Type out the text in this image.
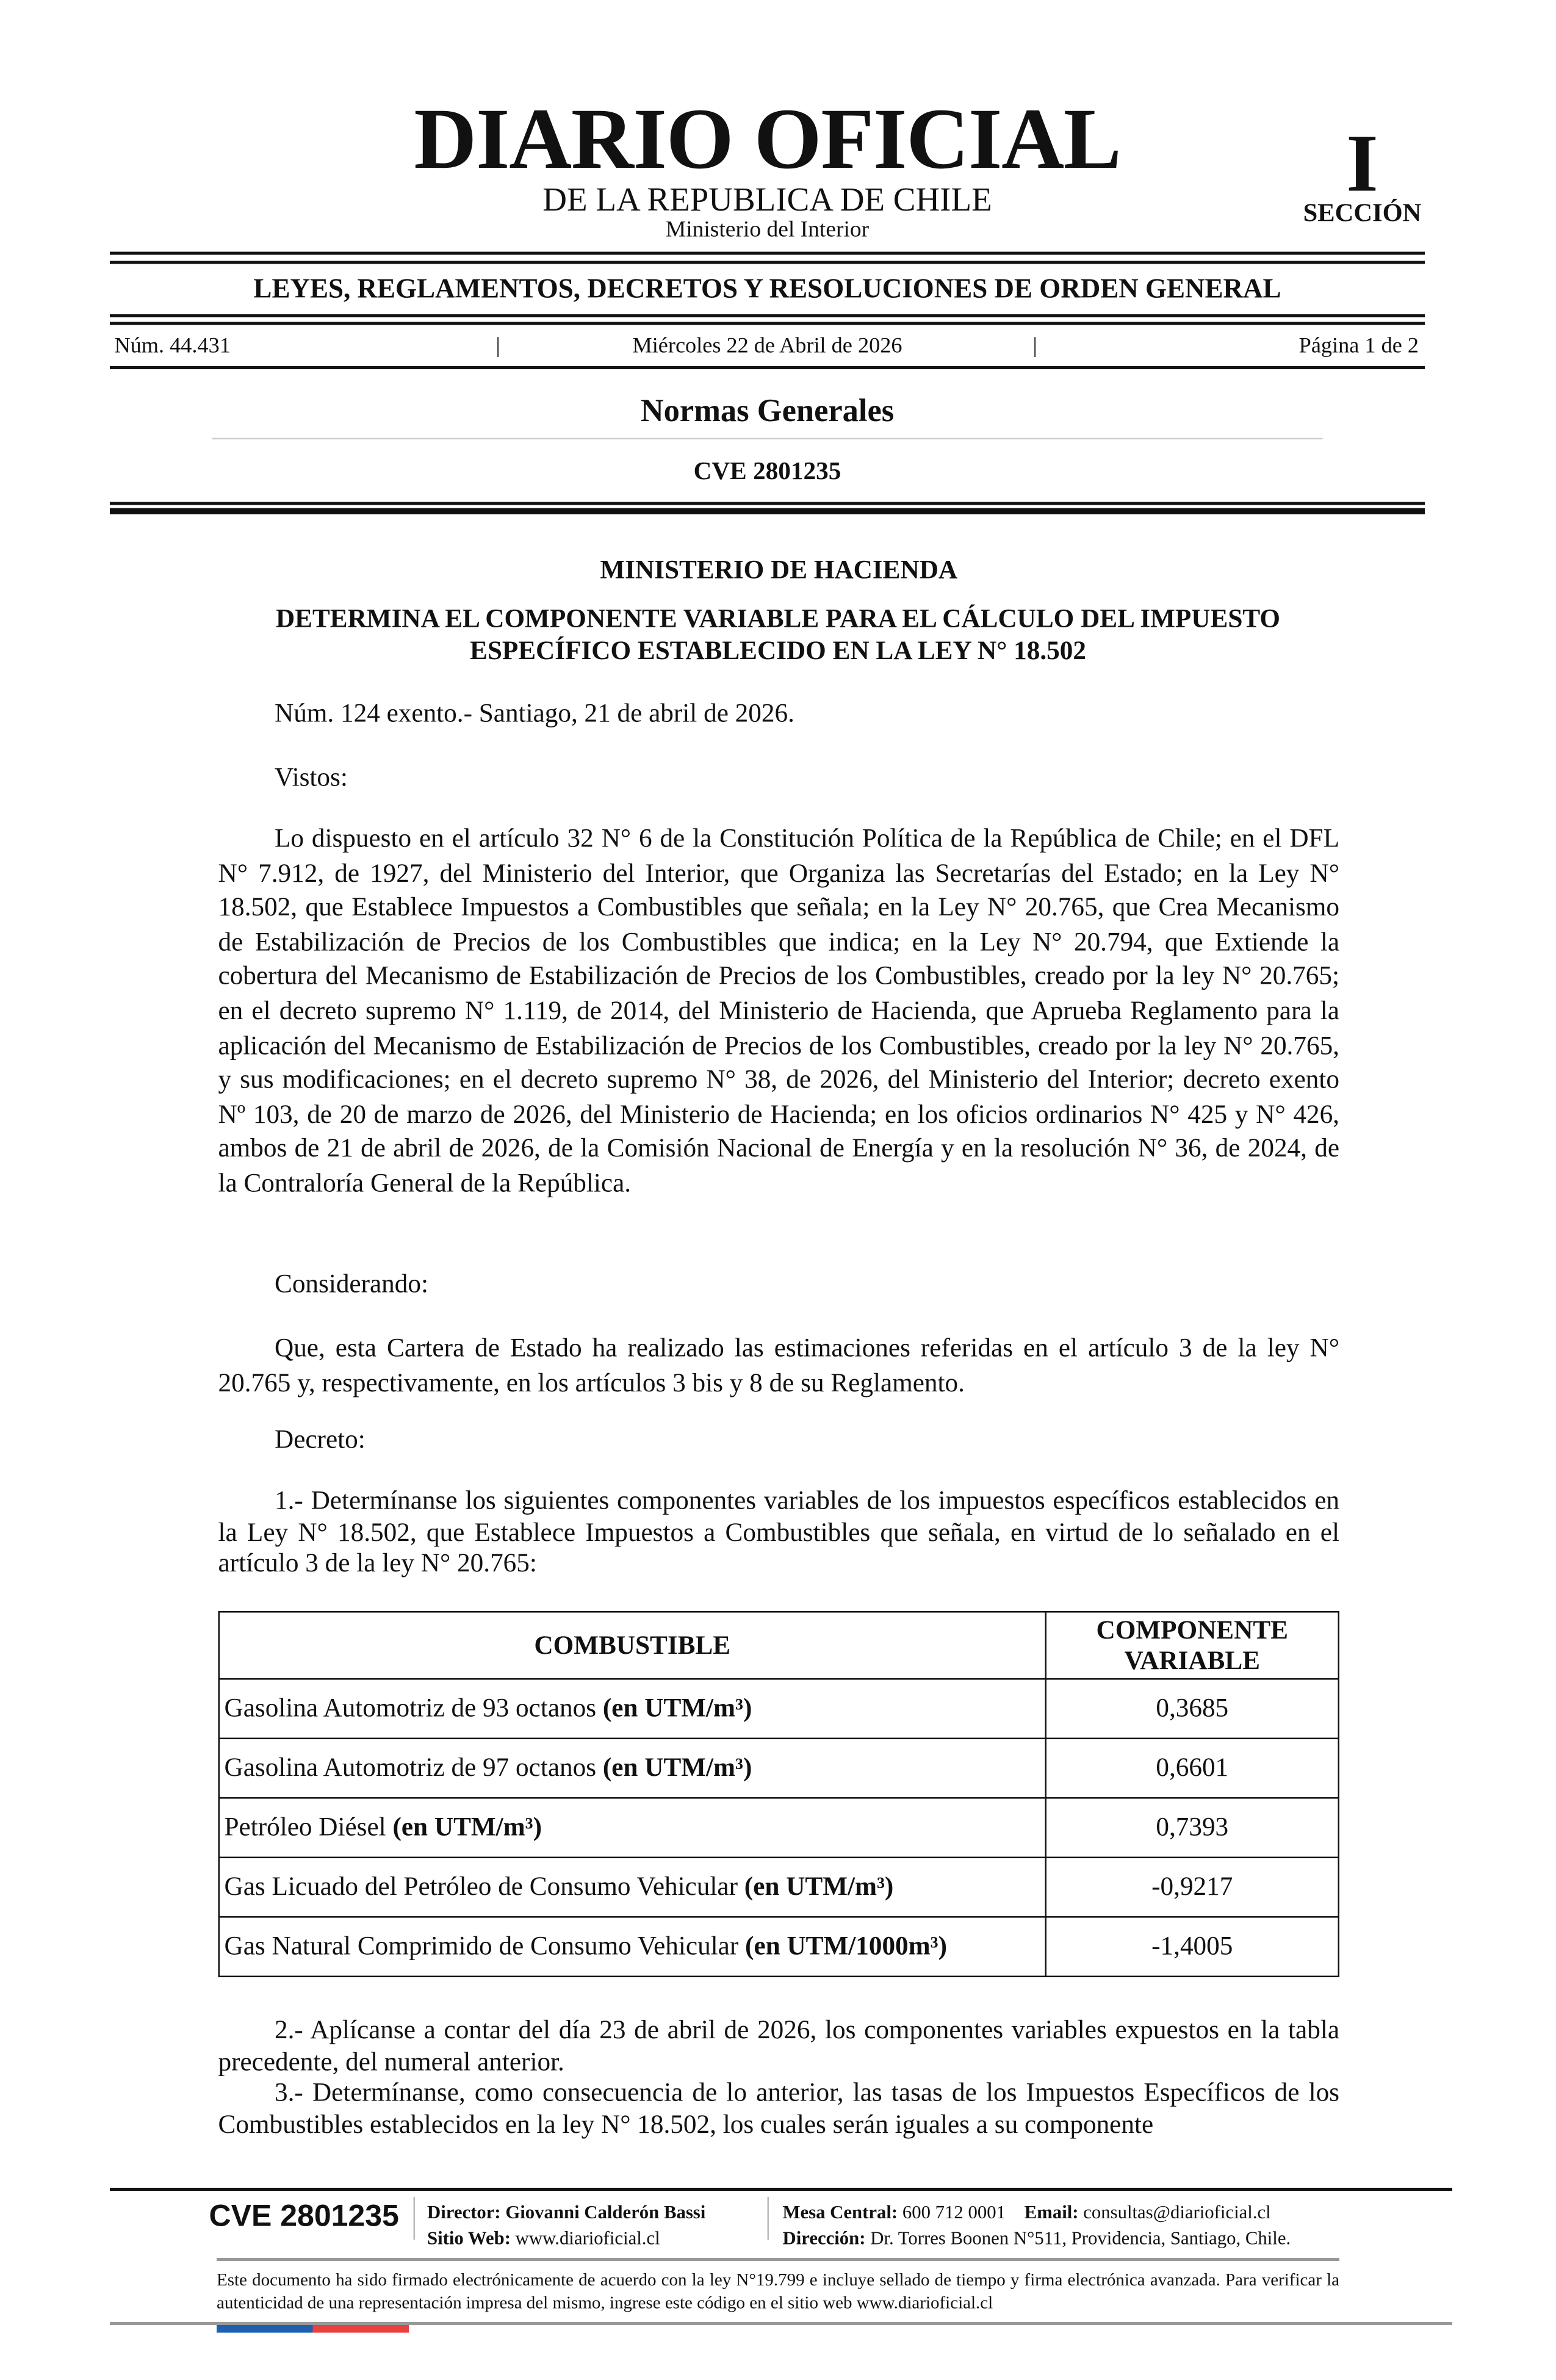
DIARIO OFICIAL
DE LA REPUBLICA DE CHILE
Ministerio del Interior
I
SECCIÓN
LEYES, REGLAMENTOS, DECRETOS Y RESOLUCIONES DE ORDEN GENERAL
Núm. 44.431	|	Miércoles 22 de Abril de 2026	|	Página 1 de 2
Normas Generales
CVE 2801235
MINISTERIO DE HACIENDA
DETERMINA EL COMPONENTE VARIABLE PARA EL CÁLCULO DEL IMPUESTO
ESPECÍFICO ESTABLECIDO EN LA LEY N° 18.502

Núm. 124 exento.- Santiago, 21 de abril de 2026.

Vistos:

Lo dispuesto en el artículo 32 N° 6 de la Constitución Política de la República de Chile; en el DFL N° 7.912, de 1927, del Ministerio del Interior, que Organiza las Secretarías del Estado; en la Ley N° 18.502, que Establece Impuestos a Combustibles que señala; en la Ley N° 20.765, que Crea Mecanismo de Estabilización de Precios de los Combustibles que indica; en la Ley N° 20.794, que Extiende la cobertura del Mecanismo de Estabilización de Precios de los Combustibles, creado por la ley N° 20.765; en el decreto supremo N° 1.119, de 2014, del Ministerio de Hacienda, que Aprueba Reglamento para la aplicación del Mecanismo de Estabilización de Precios de los Combustibles, creado por la ley N° 20.765, y sus modificaciones; en el decreto supremo N° 38, de 2026, del Ministerio del Interior; decreto exento Nº 103, de 20 de marzo de 2026, del Ministerio de Hacienda; en los oficios ordinarios N° 425 y N° 426, ambos de 21 de abril de 2026, de la Comisión Nacional de Energía y en la resolución N° 36, de 2024, de la Contraloría General de la República.

Considerando:

Que, esta Cartera de Estado ha realizado las estimaciones referidas en el artículo 3 de la ley N° 20.765 y, respectivamente, en los artículos 3 bis y 8 de su Reglamento.

Decreto:

1.- Determínanse los siguientes componentes variables de los impuestos específicos establecidos en la Ley N° 18.502, que Establece Impuestos a Combustibles que señala, en virtud de lo señalado en el artículo 3 de la ley N° 20.765:

COMBUSTIBLE	COMPONENTE VARIABLE
Gasolina Automotriz de 93 octanos (en UTM/m³)	0,3685
Gasolina Automotriz de 97 octanos (en UTM/m³)	0,6601
Petróleo Diésel (en UTM/m³)	0,7393
Gas Licuado del Petróleo de Consumo Vehicular (en UTM/m³)	-0,9217
Gas Natural Comprimido de Consumo Vehicular (en UTM/1000m³)	-1,4005

2.- Aplícanse a contar del día 23 de abril de 2026, los componentes variables expuestos en la tabla precedente, del numeral anterior.

3.- Determínanse, como consecuencia de lo anterior, las tasas de los Impuestos Específicos de los Combustibles establecidos en la ley N° 18.502, los cuales serán iguales a su componente

CVE 2801235	Director: Giovanni Calderón Bassi
Sitio Web: www.diarioficial.cl
Mesa Central: 600 712 0001 Email: consultas@diarioficial.cl
Dirección: Dr. Torres Boonen N°511, Providencia, Santiago, Chile.
Este documento ha sido firmado electrónicamente de acuerdo con la ley N°19.799 e incluye sellado de tiempo y firma electrónica avanzada. Para verificar la autenticidad de una representación impresa del mismo, ingrese este código en el sitio web www.diarioficial.cl
